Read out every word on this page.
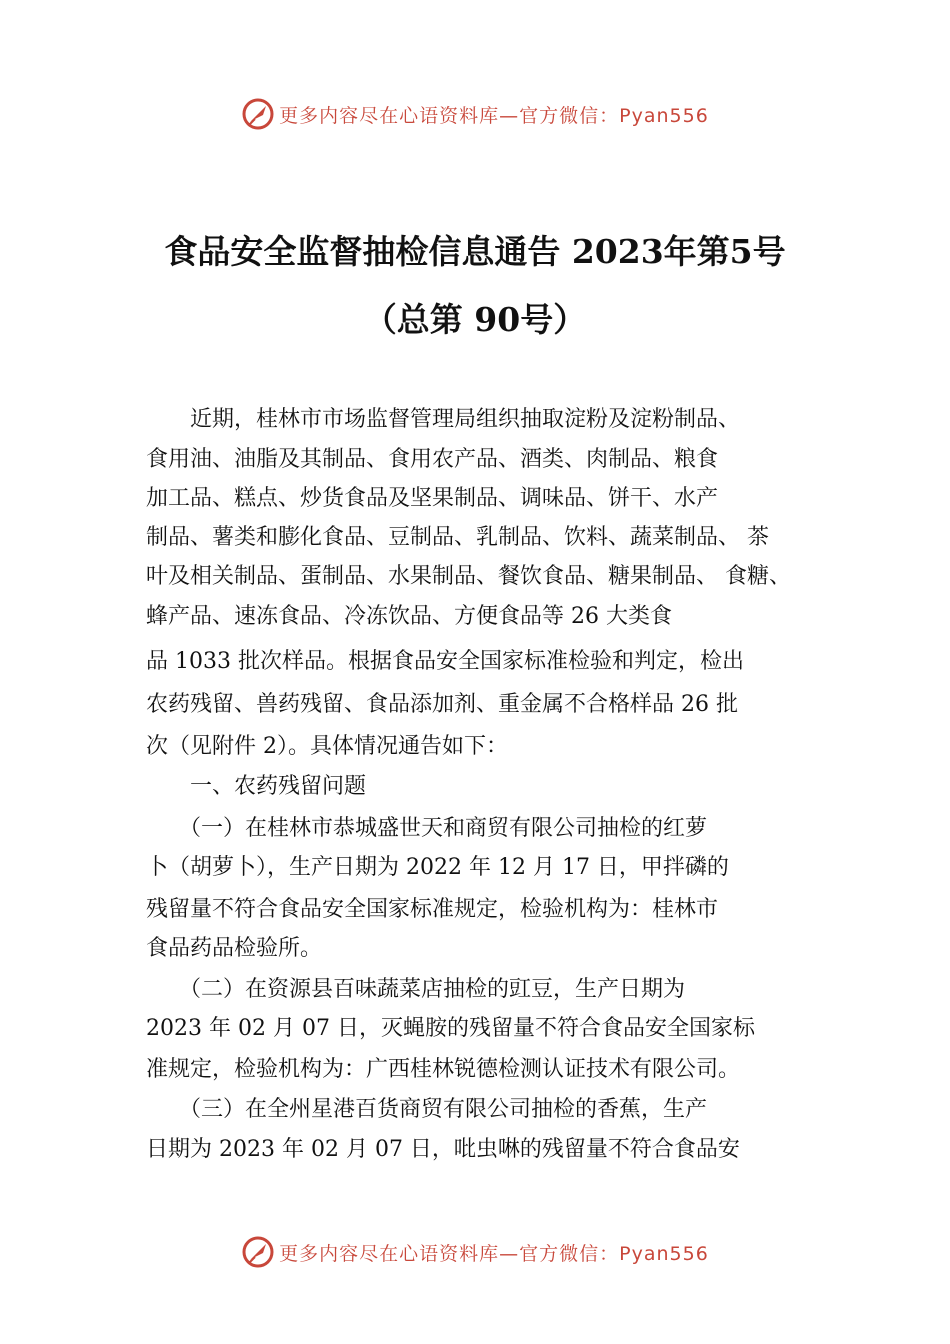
更多内容尽在心语资料库—官方微信：Pyan556
食品安全监督抽检信息通告 2023年第5号
（总第 90号）
　　近期，桂林市市场监督管理局组织抽取淀粉及淀粉制品、
食用油、油脂及其制品、食用农产品、酒类、肉制品、粮食
加工品、糕点、炒货食品及坚果制品、调味品、饼干、水产
制品、薯类和膨化食品、豆制品、乳制品、饮料、蔬菜制品、 茶
叶及相关制品、蛋制品、水果制品、餐饮食品、糖果制品、 食糖、
蜂产品、速冻食品、冷冻饮品、方便食品等 26 大类食
品 1033 批次样品。根据食品安全国家标准检验和判定，检出
农药残留、兽药残留、食品添加剂、重金属不合格样品 26 批
次（见附件 2）。具体情况通告如下：
　　一、农药残留问题
　　（一）在桂林市恭城盛世天和商贸有限公司抽检的红萝
卜（胡萝卜），生产日期为 2022 年 12 月 17 日，甲拌磷的
残留量不符合食品安全国家标准规定，检验机构为：桂林市
食品药品检验所。
　　（二）在资源县百味蔬菜店抽检的豇豆，生产日期为
2023 年 02 月 07 日，灭蝇胺的残留量不符合食品安全国家标
准规定，检验机构为：广西桂林锐德检测认证技术有限公司。
　　（三）在全州星港百货商贸有限公司抽检的香蕉，生产
日期为 2023 年 02 月 07 日，吡虫啉的残留量不符合食品安
更多内容尽在心语资料库—官方微信：Pyan556
